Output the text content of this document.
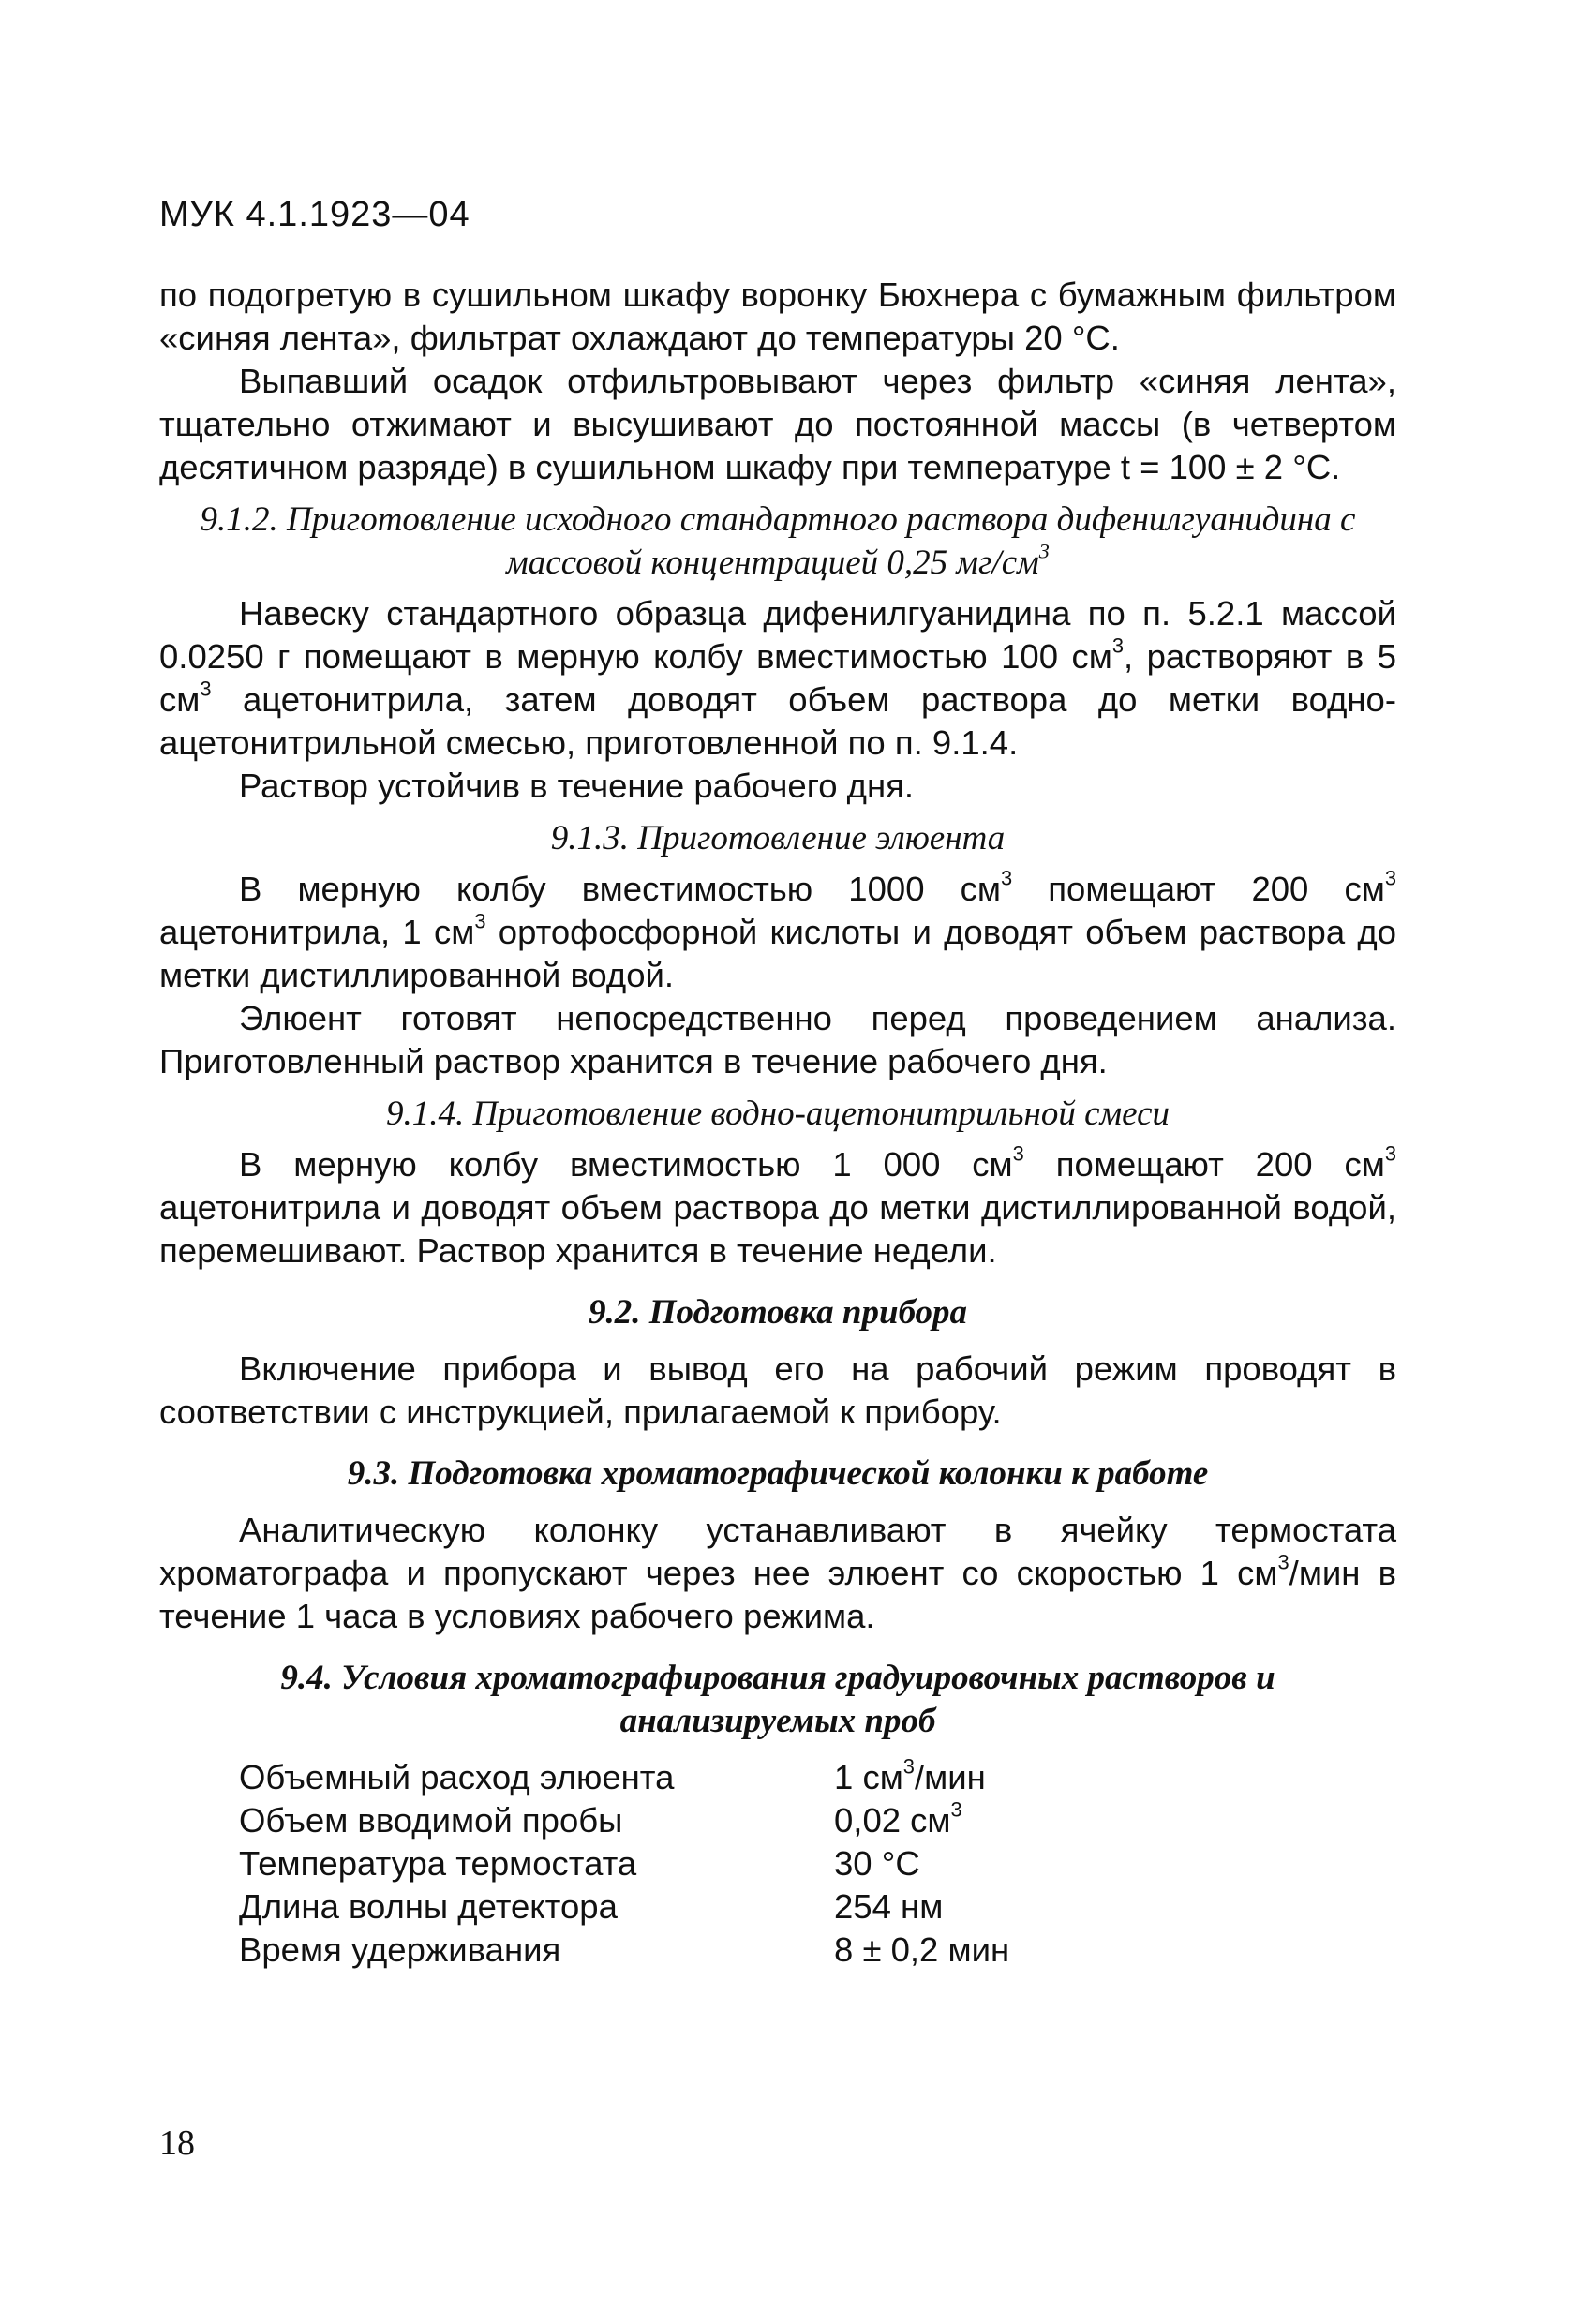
МУК 4.1.1923—04

по подогретую в сушильном шкафу воронку Бюхнера с бумажным фильтром «синяя лента», фильтрат охлаждают до температуры 20 °С.

Выпавший осадок отфильтровывают через фильтр «синяя лента», тщательно отжимают и высушивают до постоянной массы (в четвертом десятичном разряде) в сушильном шкафу при температуре t = 100 ± 2 °С.

9.1.2. Приготовление исходного стандартного раствора дифенилгуанидина с массовой концентрацией 0,25 $мг/см^3$

Навеску стандартного образца дифенилгуанидина по п. 5.2.1 массой 0.0250 г помещают в мерную колбу вместимостью 100 $см^3$, растворяют в 5 $см^3$ ацетонитрила, затем доводят объем раствора до метки водно-ацетонитрильной смесью, приготовленной по п. 9.1.4.

Раствор устойчив в течение рабочего дня.

9.1.3. Приготовление элюента

В мерную колбу вместимостью 1000 $см^3$ помещают 200 $см^3$ ацетонитрила, 1 $см^3$ ортофосфорной кислоты и доводят объем раствора до метки дистиллированной водой.

Элюент готовят непосредственно перед проведением анализа. Приготовленный раствор хранится в течение рабочего дня.

9.1.4. Приготовление водно-ацетонитрильной смеси

В мерную колбу вместимостью 1 000 $см^3$ помещают 200 $см^3$ ацетонитрила и доводят объем раствора до метки дистиллированной водой, перемешивают. Раствор хранится в течение недели.

9.2. Подготовка прибора

Включение прибора и вывод его на рабочий режим проводят в соответствии с инструкцией, прилагаемой к прибору.

9.3. Подготовка хроматографической колонки к работе

Аналитическую колонку устанавливают в ячейку термостата хроматографа и пропускают через нее элюент со скоростью 1 $см^3$/мин в течение 1 часа в условиях рабочего режима.

9.4. Условия хроматографирования градуировочных растворов и анализируемых проб
Объемный расход элюента	1 $см^3$/мин
Объем вводимой пробы	0,02 $см^3$
Температура термостата	30 °С
Длина волны детектора	254 нм
Время удерживания	8 ± 0,2 мин
18
